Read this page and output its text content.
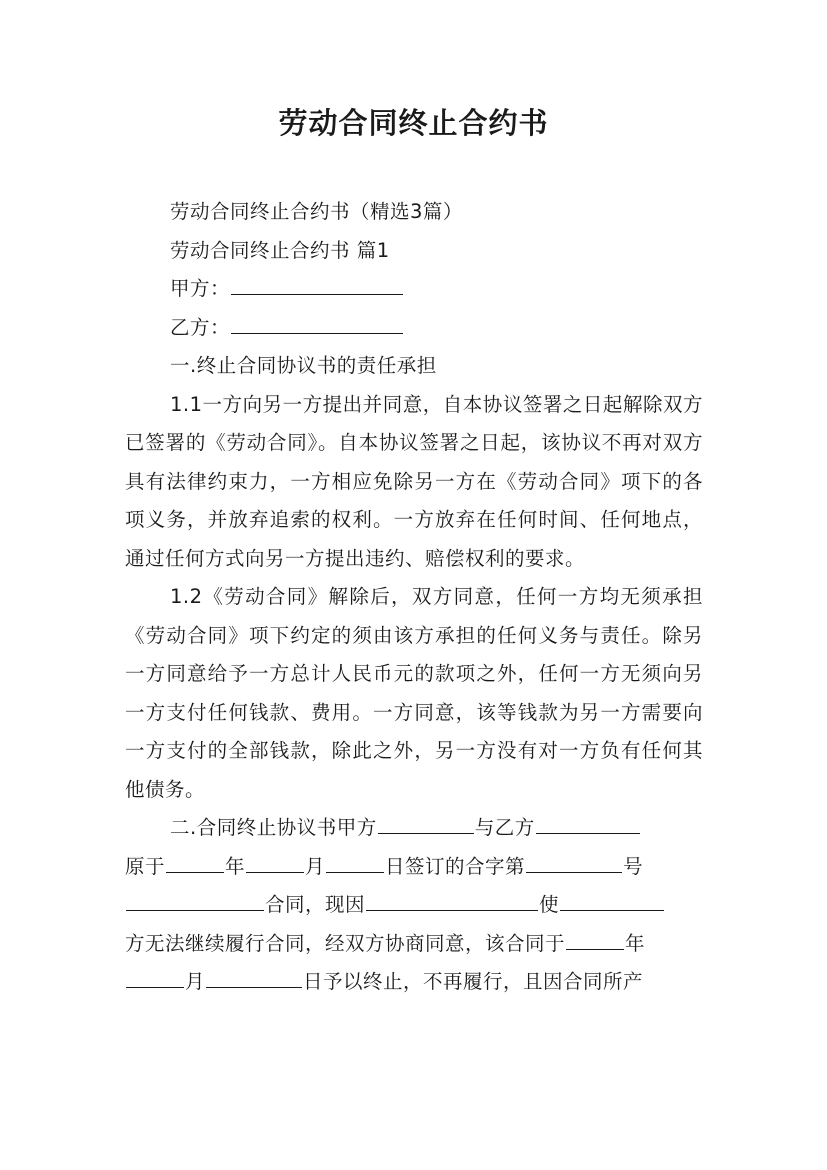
劳动合同终止合约书

劳动合同终止合约书（精选3篇）

劳动合同终止合约书 篇1

甲方：

乙方：

一.终止合同协议书的责任承担

1.1一方向另一方提出并同意，自本协议签署之日起解除双方已签署的《劳动合同》。自本协议签署之日起，该协议不再对双方具有法律约束力，一方相应免除另一方在《劳动合同》项下的各项义务，并放弃追索的权利。一方放弃在任何时间、任何地点，通过任何方式向另一方提出违约、赔偿权利的要求。

1.2《劳动合同》解除后，双方同意，任何一方均无须承担《劳动合同》项下约定的须由该方承担的任何义务与责任。除另一方同意给予一方总计人民币元的款项之外，任何一方无须向另一方支付任何钱款、费用。一方同意，该等钱款为另一方需要向一方支付的全部钱款，除此之外，另一方没有对一方负有任何其他债务。

二.合同终止协议书甲方	与乙方
原于	年	月	日签订的合字第	号
合同，现因	使
方无法继续履行合同，经双方协商同意，该合同于	年
月	日予以终止，不再履行，且因合同所产
